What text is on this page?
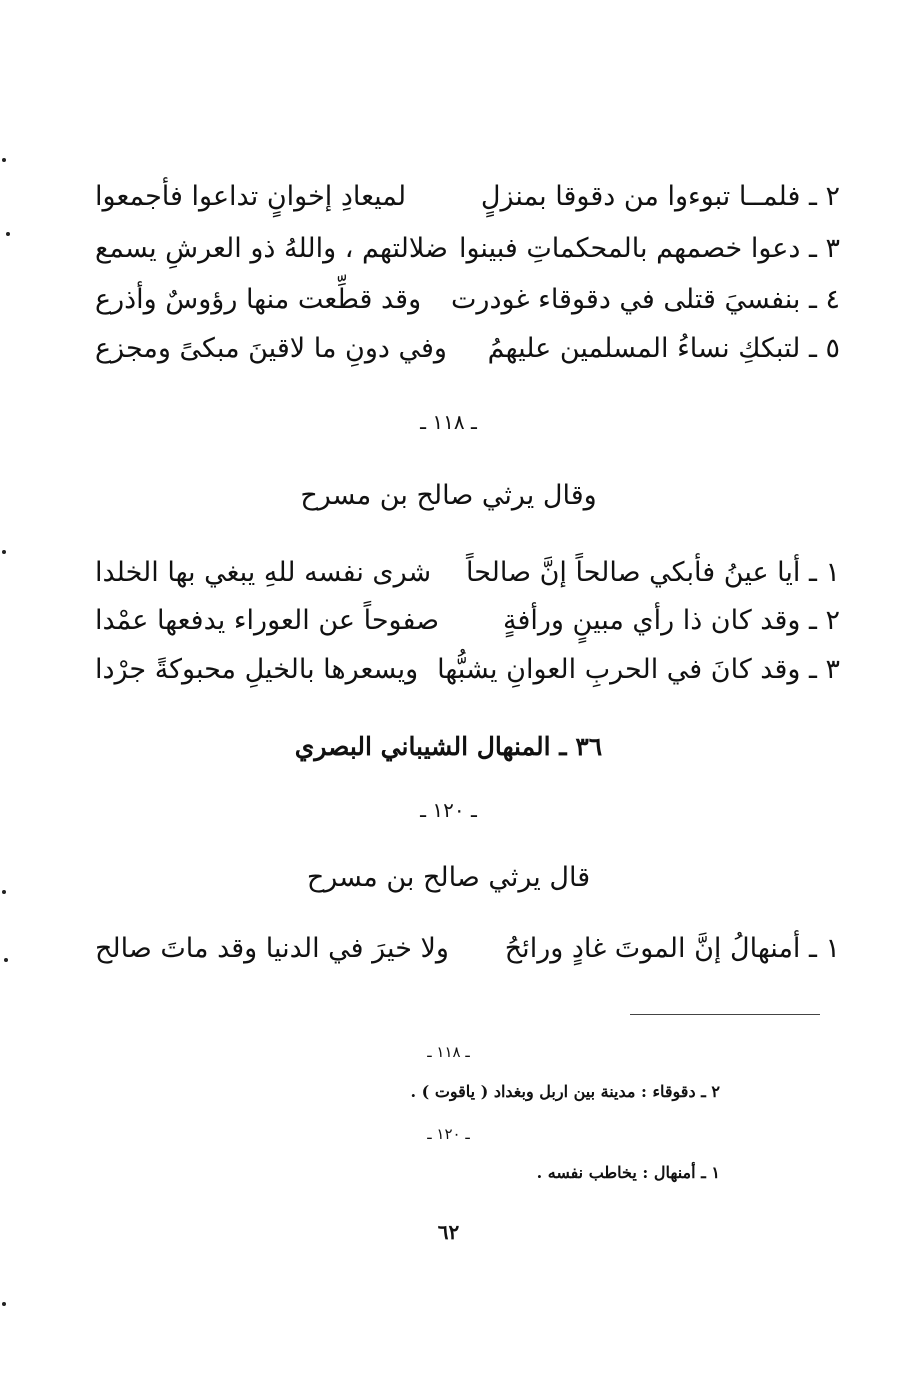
٢ ـ فلمــا تبوءوا من دقوقا بمنزلٍ
لميعادِ إخوانٍ تداعوا فأجمعوا
٣ ـ دعوا خصمهم بالمحكماتِ فبينوا
ضلالتهم ، واللهُ ذو العرشِ يسمع
٤ ـ بنفسيَ قتلى في دقوقاء غودرت
وقد قطِّعت منها رؤوسٌ وأذرع
٥ ـ لتبككِ نساءُ المسلمين عليهمُ
وفي دونِ ما لاقينَ مبكىً ومجزع
ـ ١١٨ ـ
وقال يرثي صالح بن مسرح
١ ـ أيا عينُ فأبكي صالحاً إنَّ صالحاً
شرى نفسه للهِ يبغي بها الخلدا
٢ ـ وقد كان ذا رأي مبينٍ ورأفةٍ
صفوحاً عن العوراء يدفعها عمْدا
٣ ـ وقد كانَ في الحربِ العوانِ يشبُّها
ويسعرها بالخيلِ محبوكةً جرْدا
٣٦ ـ المنهال الشيباني البصري
ـ ١٢٠ ـ
قال يرثي صالح بن مسرح
١ ـ أمنهالُ إنَّ الموتَ غادٍ ورائحُ
ولا خيرَ في الدنيا وقد ماتَ صالح
ـ ١١٨ ـ
٢ ـ دقوقاء : مدينة بين اربل وبغداد ( ياقوت ) .
ـ ١٢٠ ـ
١ ـ أمنهال : يخاطب نفسه .
٦٢
